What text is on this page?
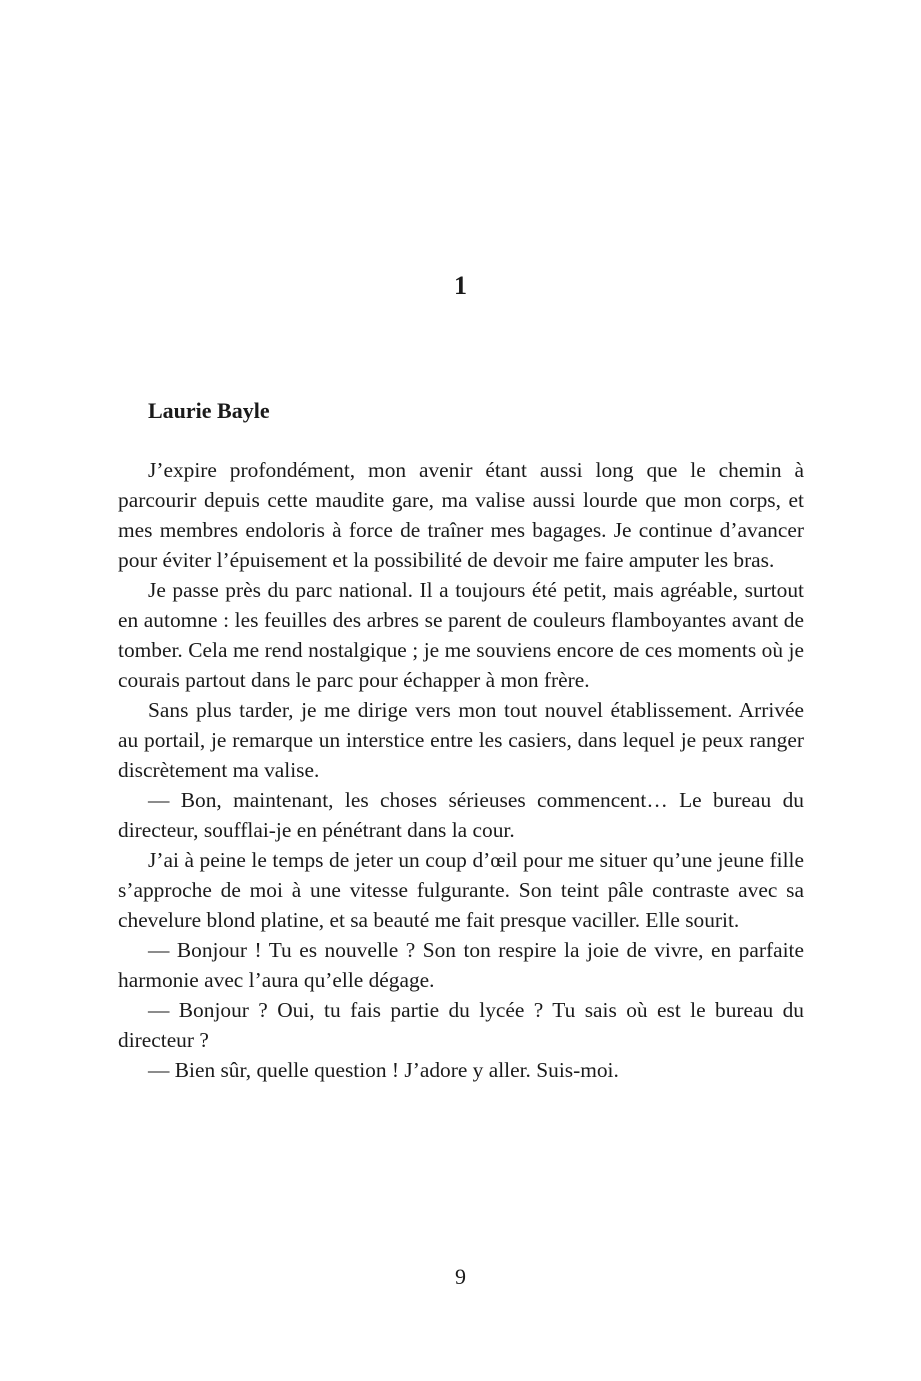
1
Laurie Bayle

J’expire profondément, mon avenir étant aussi long que le chemin à parcourir depuis cette maudite gare, ma valise aussi lourde que mon corps, et mes membres endoloris à force de traîner mes bagages. Je continue d’avancer pour éviter l’épuisement et la possibilité de devoir me faire amputer les bras.

Je passe près du parc national. Il a toujours été petit, mais agréable, surtout en automne : les feuilles des arbres se parent de couleurs flamboyantes avant de tomber. Cela me rend nostalgique ; je me souviens encore de ces moments où je courais partout dans le parc pour échapper à mon frère.

Sans plus tarder, je me dirige vers mon tout nouvel établissement. Arrivée au portail, je remarque un interstice entre les casiers, dans lequel je peux ranger discrètement ma valise.

— Bon, maintenant, les choses sérieuses commencent… Le bureau du directeur, soufflai-je en pénétrant dans la cour.

J’ai à peine le temps de jeter un coup d’œil pour me situer qu’une jeune fille s’approche de moi à une vitesse fulgurante. Son teint pâle contraste avec sa chevelure blond platine, et sa beauté me fait presque vaciller. Elle sourit.

— Bonjour ! Tu es nouvelle ? Son ton respire la joie de vivre, en parfaite harmonie avec l’aura qu’elle dégage.

— Bonjour ? Oui, tu fais partie du lycée ? Tu sais où est le bureau du directeur ?

— Bien sûr, quelle question ! J’adore y aller. Suis-moi.

9
